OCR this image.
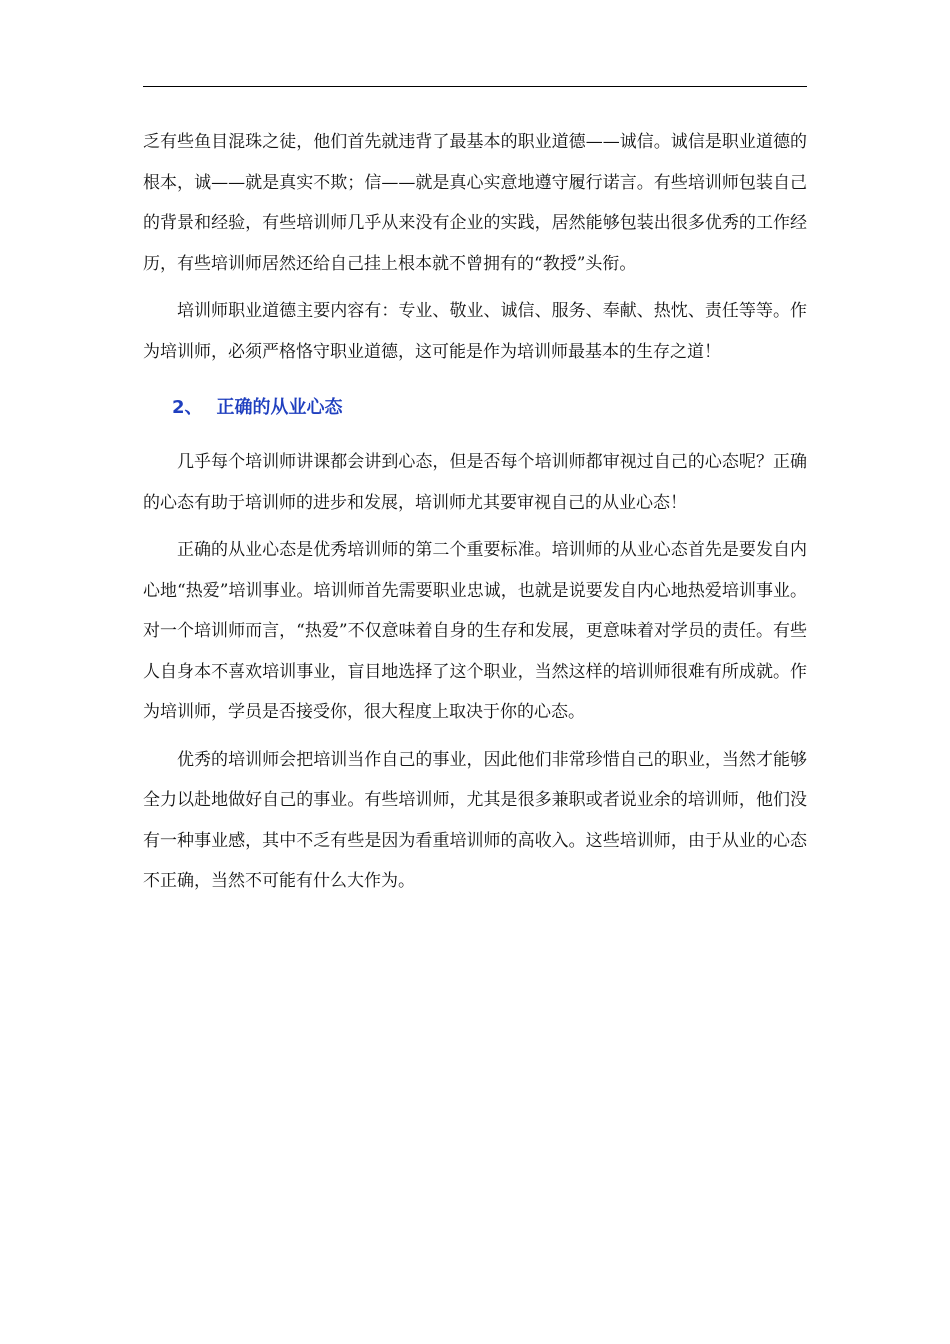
乏有些鱼目混珠之徒，他们首先就违背了最基本的职业道德——诚信。诚信是职业道德的根本，诚——就是真实不欺；信——就是真心实意地遵守履行诺言。有些培训师包装自己的背景和经验，有些培训师几乎从来没有企业的实践，居然能够包装出很多优秀的工作经历，有些培训师居然还给自己挂上根本就不曾拥有的“教授”头衔。

培训师职业道德主要内容有：专业、敬业、诚信、服务、奉献、热忱、责任等等。作为培训师，必须严格恪守职业道德，这可能是作为培训师最基本的生存之道！

2、 正确的从业心态

几乎每个培训师讲课都会讲到心态，但是否每个培训师都审视过自己的心态呢？正确的心态有助于培训师的进步和发展，培训师尤其要审视自己的从业心态！

正确的从业心态是优秀培训师的第二个重要标准。培训师的从业心态首先是要发自内心地“热爱”培训事业。培训师首先需要职业忠诚，也就是说要发自内心地热爱培训事业。对一个培训师而言，“热爱”不仅意味着自身的生存和发展，更意味着对学员的责任。有些人自身本不喜欢培训事业，盲目地选择了这个职业，当然这样的培训师很难有所成就。作为培训师，学员是否接受你，很大程度上取决于你的心态。

优秀的培训师会把培训当作自己的事业，因此他们非常珍惜自己的职业，当然才能够全力以赴地做好自己的事业。有些培训师，尤其是很多兼职或者说业余的培训师，他们没有一种事业感，其中不乏有些是因为看重培训师的高收入。这些培训师，由于从业的心态不正确，当然不可能有什么大作为。
